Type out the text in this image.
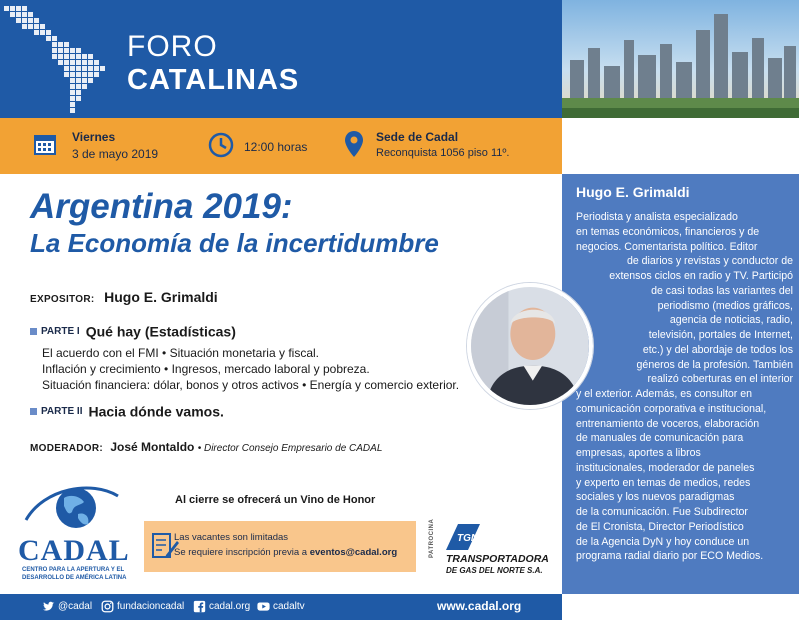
FORO
CATALINAS
Viernes
3 de mayo 2019	12:00 horas
Sede de Cadal
Reconquista 1056 piso 11º.
Argentina 2019:
La Economía de la incertidumbre
EXPOSITOR: Hugo E. Grimaldi
PARTE I Qué hay (Estadísticas)
El acuerdo con el FMI • Situación monetaria y fiscal.
Inflación y crecimiento • Ingresos, mercado laboral y pobreza.
Situación financiera: dólar, bonos y otros activos • Energía y comercio exterior.
PARTE II Hacia dónde vamos.
MODERADOR: José Montaldo • Director Consejo Empresario de CADAL
Hugo E. Grimaldi
Periodista y analista especializado
en temas económicos, financieros y de
negocios. Comentarista político. Editor
de diarios y revistas y conductor de
extensos ciclos en radio y TV. Participó
de casi todas las variantes del
periodismo (medios gráficos,
agencia de noticias, radio,
televisión, portales de Internet,
etc.) y del abordaje de todos los
géneros de la profesión. También
realizó coberturas en el interior
y el exterior. Además, es consultor en
comunicación corporativa e institucional,
entrenamiento de voceros, elaboración
de manuales de comunicación para
empresas, aportes a libros
institucionales, moderador de paneles
y experto en temas de medios, redes
sociales y los nuevos paradigmas
de la comunicación. Fue Subdirector
de El Cronista, Director Periodístico
de la Agencia DyN y hoy conduce un
programa radial diario por ECO Medios.
Al cierre se ofrecerá un Vino de Honor
CADAL
CENTRO PARA LA APERTURA Y EL
DESARROLLO DE AMÉRICA LATINA
Las vacantes son limitadas
Se requiere inscripción previa a eventos@cadal.org	PATROCINA TGN
TRANSPORTADORA
DE GAS DEL NORTE S.A.
@cadal fundacioncadal cadal.org cadaltv	www.cadal.org
